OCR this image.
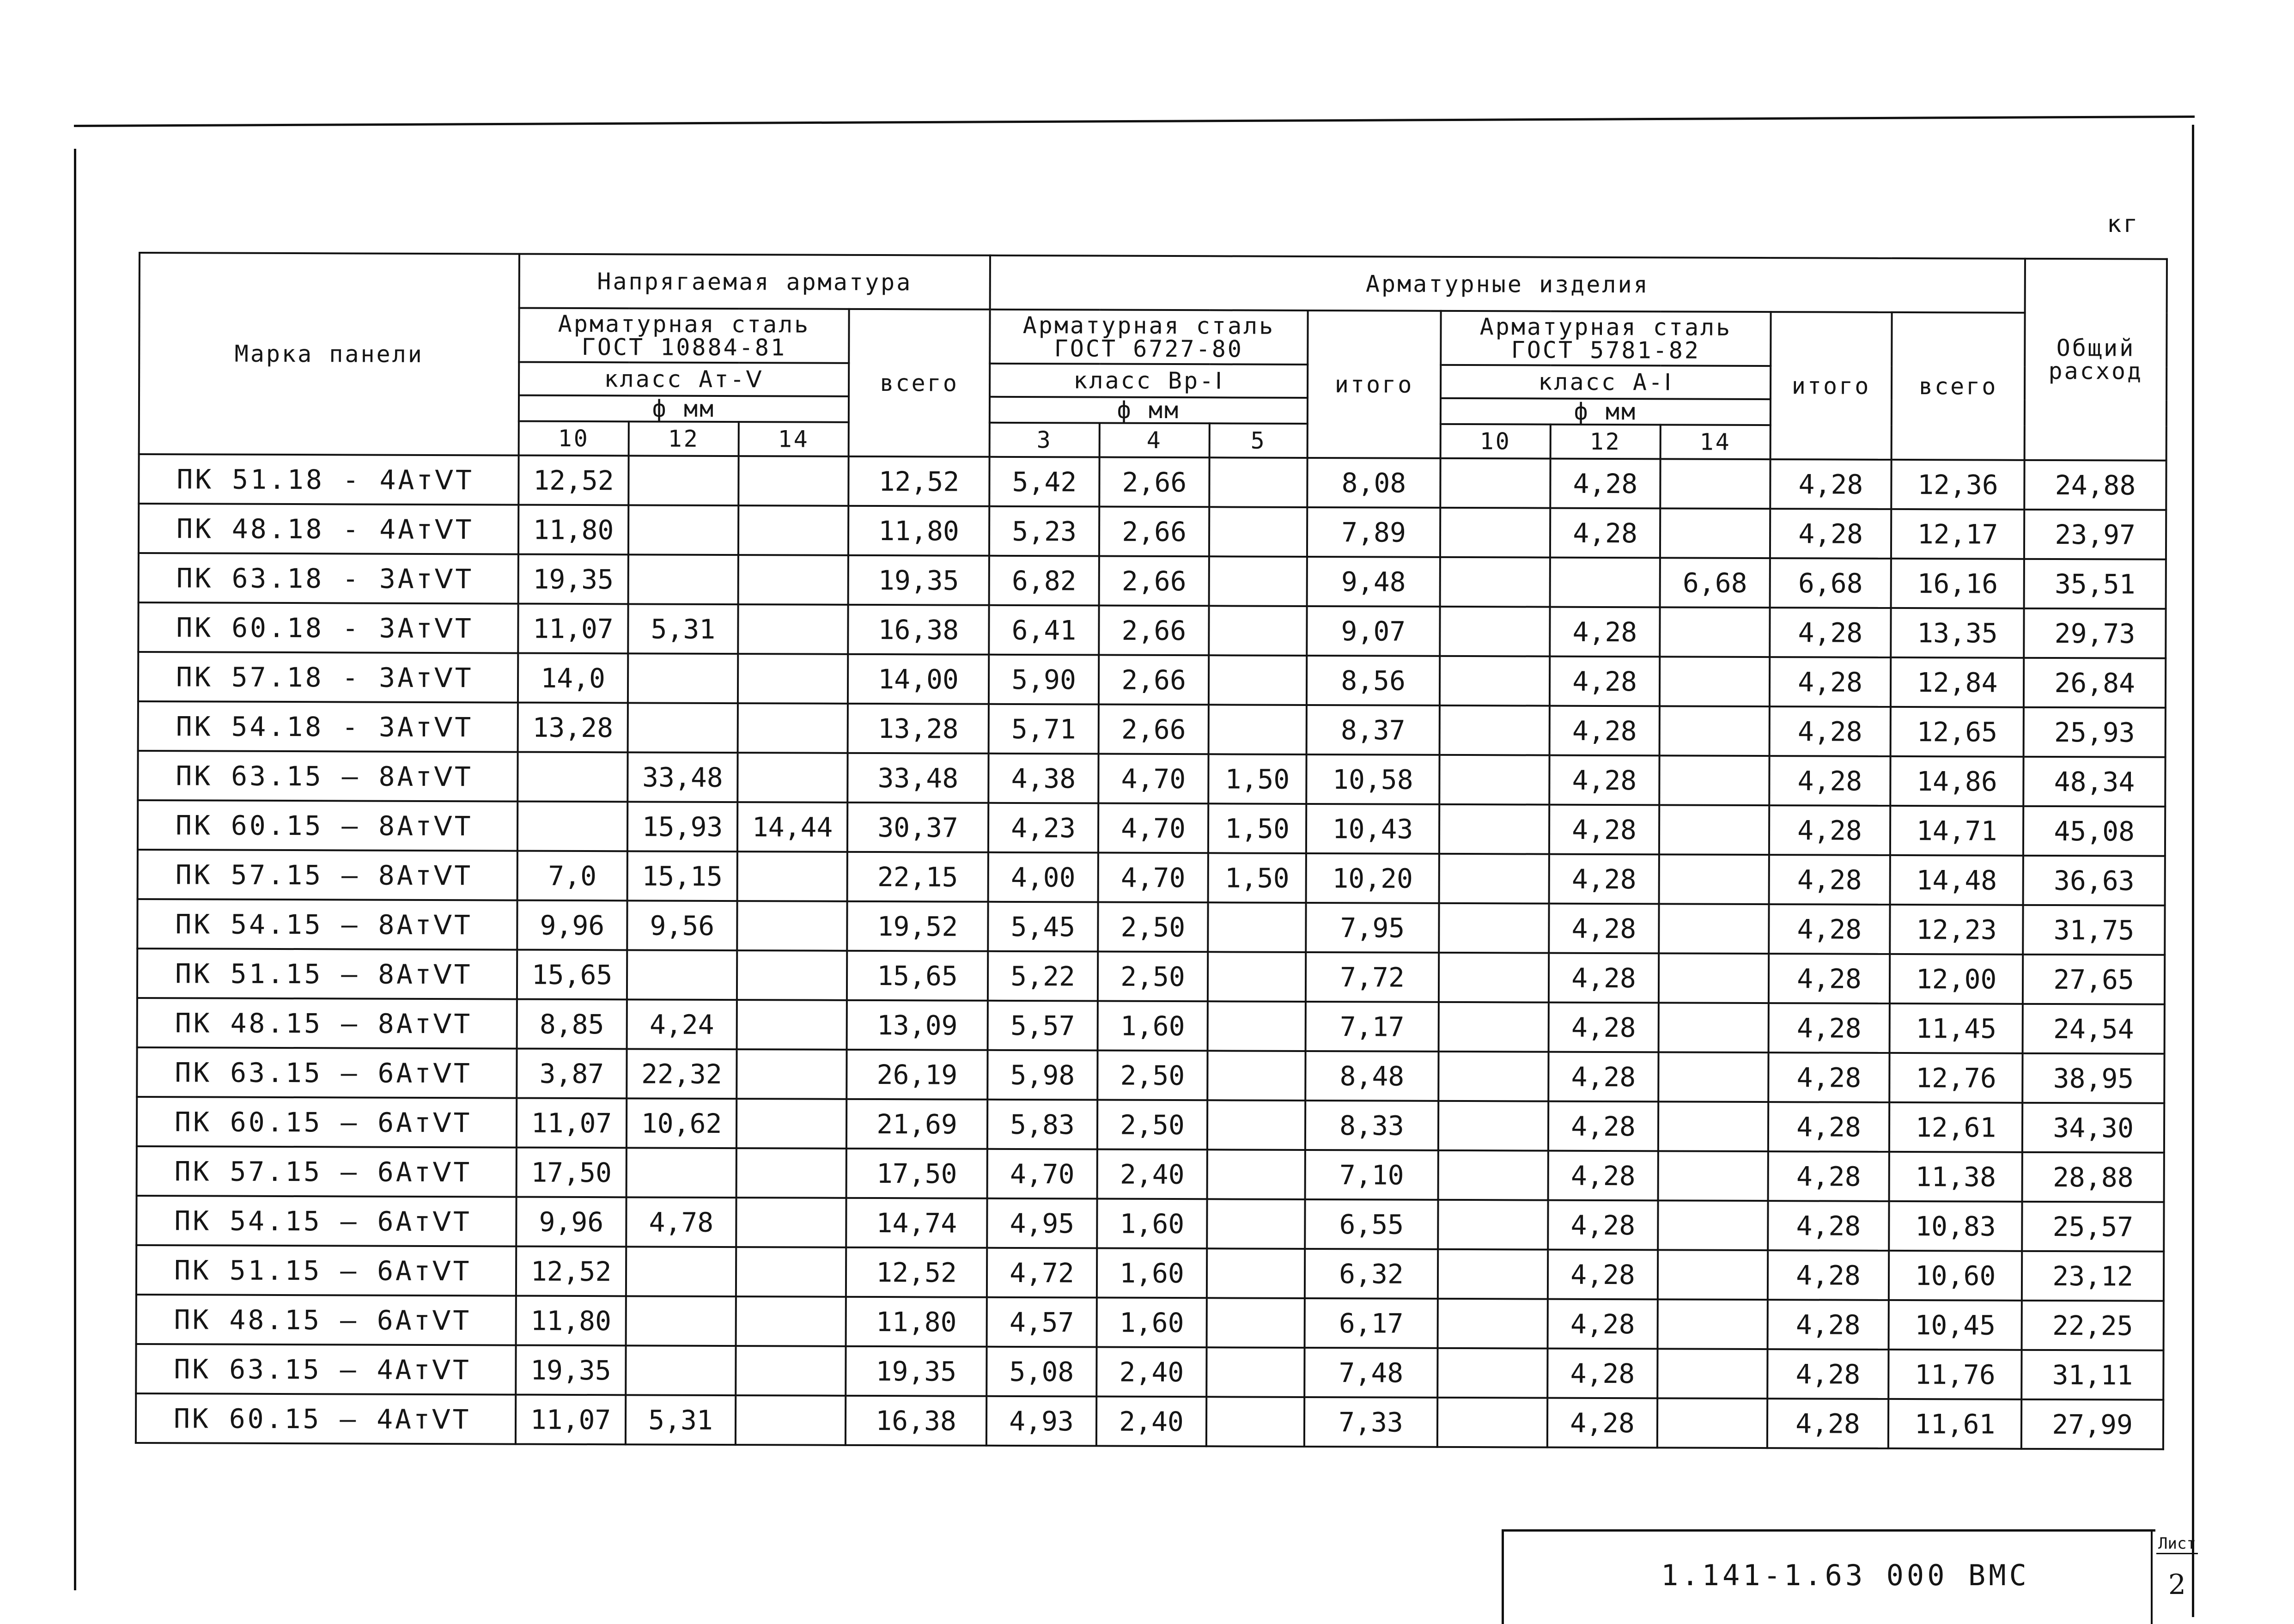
кг
Марка панели	Напрягаемая арматура				Арматурные изделия									Общий расход
	Арматурная сталь ГОСТ 10884-81			всего	Арматурная сталь ГОСТ 6727-80			итого	Арматурная сталь ГОСТ 5781-82			итого	всего	
	класс Ат-Ⅴ				класс Вр-Ⅰ				класс А-Ⅰ					
	ф мм				ф мм				ф мм					
	10	12	14		3	4	5		10	12	14			
ПК 51.18 - 4АтⅤТ	12,52			12,52	5,42	2,66		8,08		4,28		4,28	12,36	24,88
ПК 48.18 - 4АтⅤТ	11,80			11,80	5,23	2,66		7,89		4,28		4,28	12,17	23,97
ПК 63.18 - 3АтⅤТ	19,35			19,35	6,82	2,66		9,48			6,68	6,68	16,16	35,51
ПК 60.18 - 3АтⅤТ	11,07	5,31		16,38	6,41	2,66		9,07		4,28		4,28	13,35	29,73
ПК 57.18 - 3АтⅤТ	14,0			14,00	5,90	2,66		8,56		4,28		4,28	12,84	26,84
ПК 54.18 - 3АтⅤТ	13,28			13,28	5,71	2,66		8,37		4,28		4,28	12,65	25,93
ПК 63.15 – 8АтⅤТ		33,48		33,48	4,38	4,70	1,50	10,58		4,28		4,28	14,86	48,34
ПК 60.15 – 8АтⅤТ		15,93	14,44	30,37	4,23	4,70	1,50	10,43		4,28		4,28	14,71	45,08
ПК 57.15 – 8АтⅤТ	7,0	15,15		22,15	4,00	4,70	1,50	10,20		4,28		4,28	14,48	36,63
ПК 54.15 – 8АтⅤТ	9,96	9,56		19,52	5,45	2,50		7,95		4,28		4,28	12,23	31,75
ПК 51.15 – 8АтⅤТ	15,65			15,65	5,22	2,50		7,72		4,28		4,28	12,00	27,65
ПК 48.15 – 8АтⅤТ	8,85	4,24		13,09	5,57	1,60		7,17		4,28		4,28	11,45	24,54
ПК 63.15 – 6АтⅤТ	3,87	22,32		26,19	5,98	2,50		8,48		4,28		4,28	12,76	38,95
ПК 60.15 – 6АтⅤТ	11,07	10,62		21,69	5,83	2,50		8,33		4,28		4,28	12,61	34,30
ПК 57.15 – 6АтⅤТ	17,50			17,50	4,70	2,40		7,10		4,28		4,28	11,38	28,88
ПК 54.15 – 6АтⅤТ	9,96	4,78		14,74	4,95	1,60		6,55		4,28		4,28	10,83	25,57
ПК 51.15 – 6АтⅤТ	12,52			12,52	4,72	1,60		6,32		4,28		4,28	10,60	23,12
ПК 48.15 – 6АтⅤТ	11,80			11,80	4,57	1,60		6,17		4,28		4,28	10,45	22,25
ПК 63.15 – 4АтⅤТ	19,35			19,35	5,08	2,40		7,48		4,28		4,28	11,76	31,11
ПК 60.15 – 4АтⅤТ	11,07	5,31		16,38	4,93	2,40		7,33		4,28		4,28	11,61	27,99
1.141-1.63 000 ВМС
Лист
2
